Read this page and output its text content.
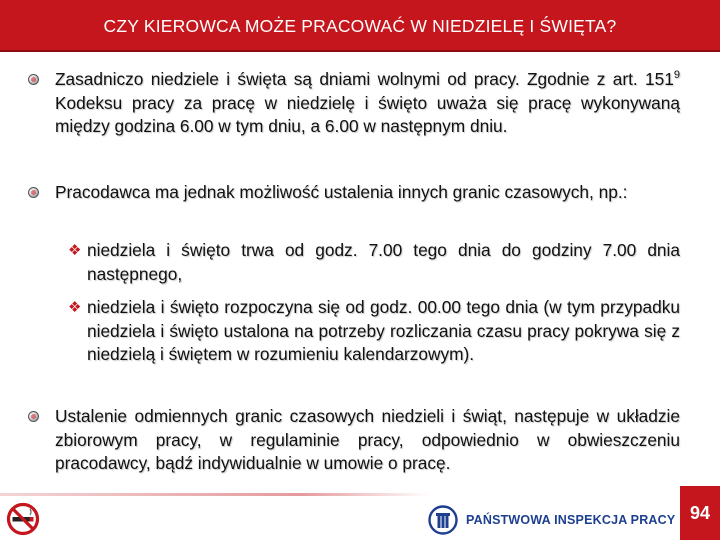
CZY KIEROWCA MOŻE PRACOWAĆ W NIEDZIELĘ I ŚWIĘTA?
Zasadniczo niedziele i święta są dniami wolnymi od pracy. Zgodnie z art. $151^9$ Kodeksu pracy za pracę w niedzielę i święto uważa się pracę wykonywaną między godzina 6.00 w tym dniu, a 6.00 w następnym dniu.
Pracodawca ma jednak możliwość ustalenia innych granic czasowych, np.:
❖ niedziela i święto trwa od godz. 7.00 tego dnia do godziny 7.00 dnia następnego,
❖ niedziela i święto rozpoczyna się od godz. 00.00 tego dnia (w tym przypadku niedziela i święto ustalona na potrzeby rozliczania czasu pracy pokrywa się z niedzielą i świętem w rozumieniu kalendarzowym).
Ustalenie odmiennych granic czasowych niedzieli i świąt, następuje w układzie zbiorowym pracy, w regulaminie pracy, odpowiednio w obwieszczeniu pracodawcy, bądź indywidualnie w umowie o pracę.
PAŃSTWOWA INSPEKCJA PRACY 94
